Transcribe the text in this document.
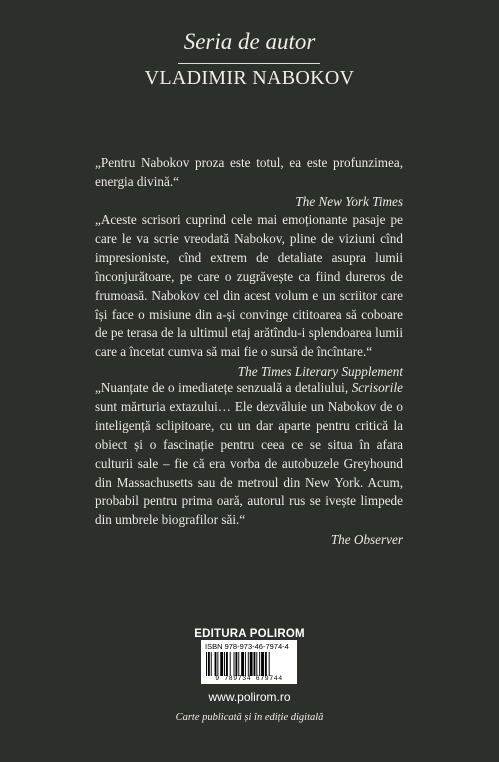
Seria de autor
VLADIMIR NABOKOV

„Pentru Nabokov proza este totul, ea este profunzimea, energia divină.“

The New York Times

„Aceste scrisori cuprind cele mai emoționante pasaje pe care le va scrie vreodată Nabokov, pline de viziuni cînd impresioniste, cînd extrem de detaliate asupra lumii înconjurătoare, pe care o zugrăvește ca fiind dureros de frumoasă. Nabokov cel din acest volum e un scriitor care își face o misiune din a-și convinge cititoarea să coboare de pe terasa de la ultimul etaj arătîndu-i splendoarea lumii care a încetat cumva să mai fie o sursă de încîntare.“

The Times Literary Supplement

„Nuanțate de o imediatețe senzuală a detaliului, Scrisorile sunt mărturia extazului… Ele dezvăluie un Nabokov de o inteligență sclipitoare, cu un dar aparte pentru critică la obiect și o fascinație pentru ceea ce se situa în afara culturii sale – fie că era vorba de autobuzele Greyhound din Massachusetts sau de metroul din New York. Acum, probabil pentru prima oară, autorul rus se ivește limpede din umbrele biografilor săi.“

The Observer
EDITURA POLIROM
ISBN 978-973-46-7974-4
9 789734 679744
www.polirom.ro
Carte publicată și în ediție digitală
